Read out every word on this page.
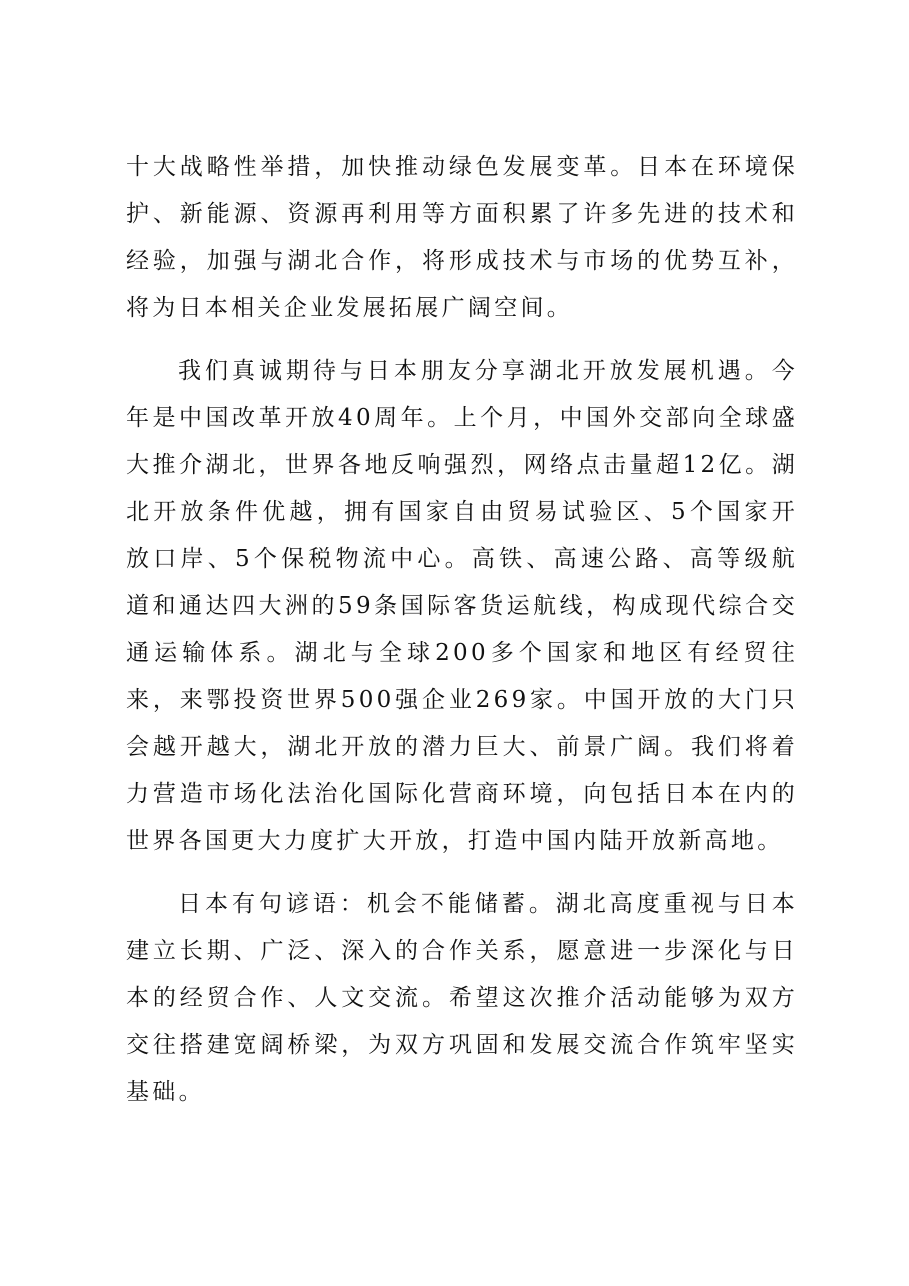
十大战略性举措，加快推动绿色发展变革。日本在环境保护、新能源、资源再利用等方面积累了许多先进的技术和经验，加强与湖北合作，将形成技术与市场的优势互补，将为日本相关企业发展拓展广阔空间。

我们真诚期待与日本朋友分享湖北开放发展机遇。今年是中国改革开放40周年。上个月，中国外交部向全球盛大推介湖北，世界各地反响强烈，网络点击量超12亿。湖北开放条件优越，拥有国家自由贸易试验区、5个国家开放口岸、5个保税物流中心。高铁、高速公路、高等级航道和通达四大洲的59条国际客货运航线，构成现代综合交通运输体系。湖北与全球200多个国家和地区有经贸往来，来鄂投资世界500强企业269家。中国开放的大门只会越开越大，湖北开放的潜力巨大、前景广阔。我们将着力营造市场化法治化国际化营商环境，向包括日本在内的世界各国更大力度扩大开放，打造中国内陆开放新高地。

日本有句谚语：机会不能储蓄。湖北高度重视与日本建立长期、广泛、深入的合作关系，愿意进一步深化与日本的经贸合作、人文交流。希望这次推介活动能够为双方交往搭建宽阔桥梁，为双方巩固和发展交流合作筑牢坚实基础。
